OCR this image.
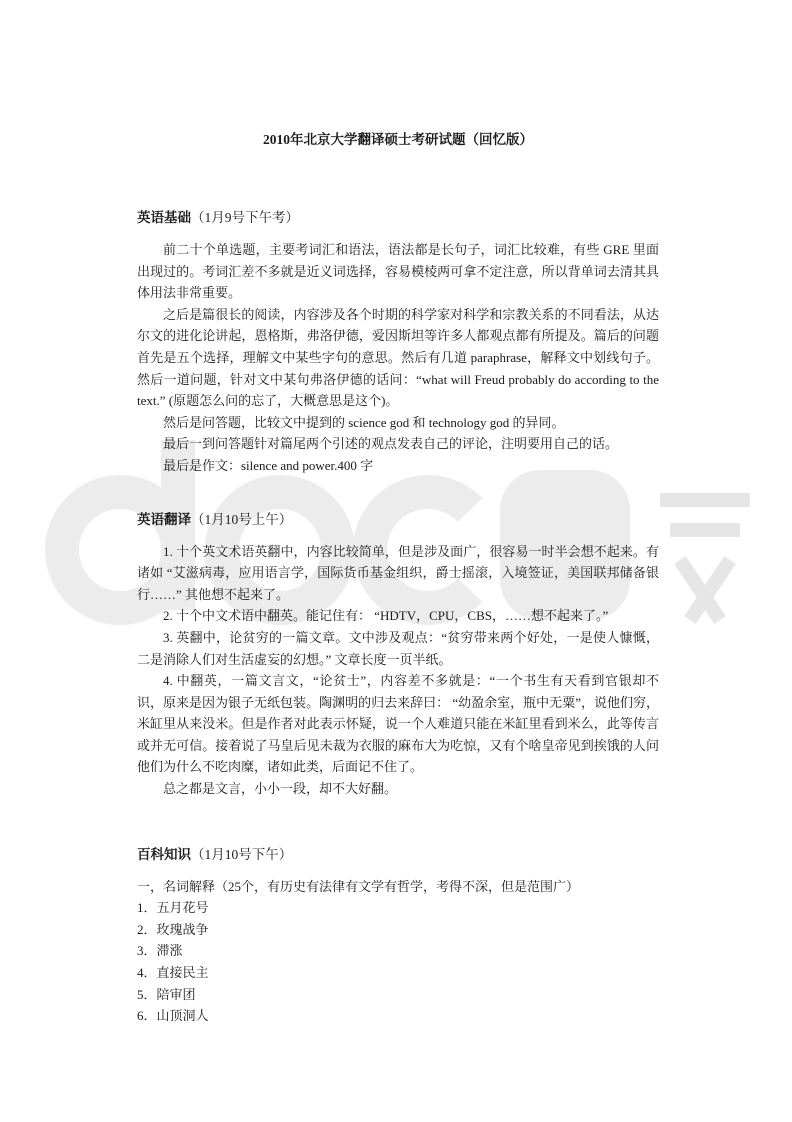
2010年北京大学翻译硕士考研试题（回忆版）
英语基础（1月9号下午考）

前二十个单选题，主要考词汇和语法，语法都是长句子，词汇比较难，有些 GRE 里面出现过的。考词汇差不多就是近义词选择，容易模棱两可拿不定注意，所以背单词去清其具体用法非常重要。

之后是篇很长的阅读，内容涉及各个时期的科学家对科学和宗教关系的不同看法，从达尔文的进化论讲起，恩格斯，弗洛伊德，爱因斯坦等许多人都观点都有所提及。篇后的问题首先是五个选择，理解文中某些字句的意思。然后有几道 paraphrase，解释文中划线句子。然后一道问题，针对文中某句弗洛伊德的话问：“what will Freud probably do according to the text.” (原题怎么问的忘了，大概意思是这个)。

然后是问答题，比较文中提到的 science god 和 technology god 的异同。

最后一到问答题针对篇尾两个引述的观点发表自己的评论，注明要用自己的话。

最后是作文：silence and power.400 字

英语翻译（1月10号上午）

1. 十个英文术语英翻中，内容比较简单，但是涉及面广，很容易一时半会想不起来。有诸如 “艾滋病毒，应用语言学，国际货币基金组织，爵士摇滚，入境签证，美国联邦储备银行……” 其他想不起来了。

2. 十个中文术语中翻英。能记住有： “HDTV，CPU，CBS，……想不起来了。”

3. 英翻中，论贫穷的一篇文章。文中涉及观点：“贫穷带来两个好处，一是使人慷慨，二是消除人们对生活虚妄的幻想。” 文章长度一页半纸。

4. 中翻英，一篇文言文，“论贫士”，内容差不多就是：“一个书生有天看到官银却不识，原来是因为银子无纸包装。陶渊明的归去来辞曰： “幼盈余室，瓶中无粟”，说他们穷，米缸里从来没米。但是作者对此表示怀疑，说一个人难道只能在米缸里看到米么，此等传言或并无可信。接着说了马皇后见未裁为衣服的麻布大为吃惊，又有个啥皇帝见到挨饿的人问他们为什么不吃肉糜，诸如此类，后面记不住了。

总之都是文言，小小一段，却不大好翻。

百科知识（1月10号下午）

一，名词解释（25个，有历史有法律有文学有哲学，考得不深，但是范围广）

1．五月花号

2．玫瑰战争

3．滞涨

4．直接民主

5．陪审团

6．山顶洞人
